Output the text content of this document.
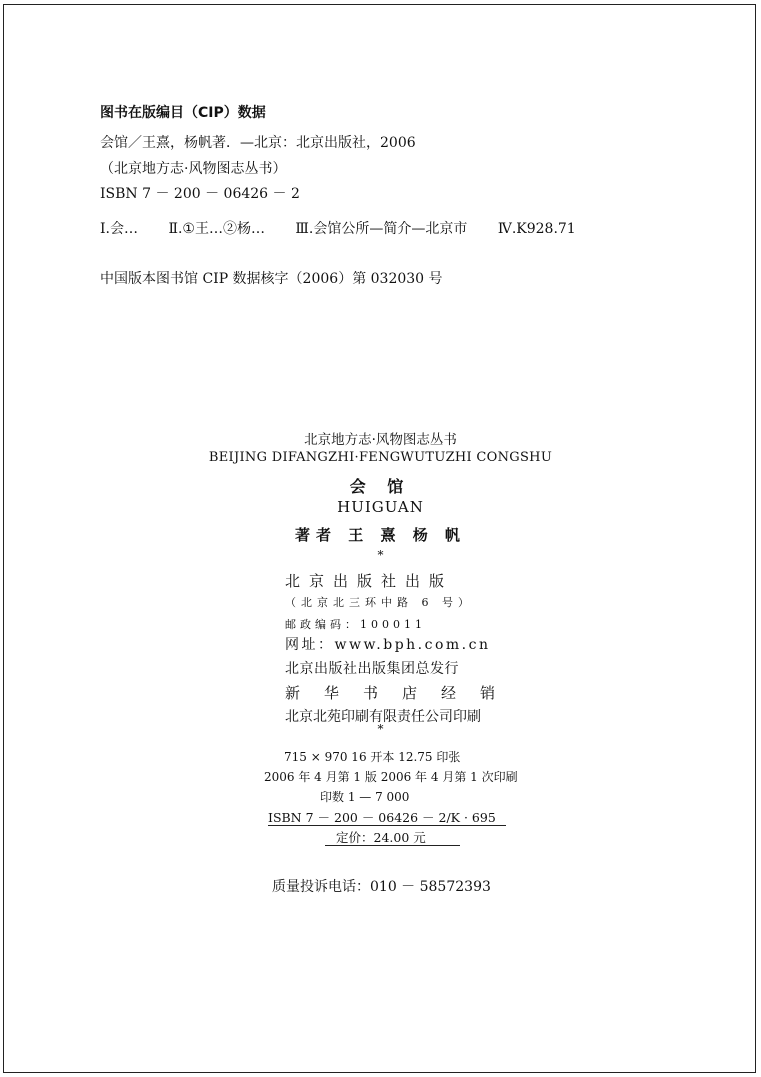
图书在版编目（CIP）数据
会馆／王熹，杨帆著．—北京：北京出版社，2006
（北京地方志·风物图志丛书）
ISBN 7 － 200 － 06426 － 2
Ⅰ.会… Ⅱ.①王…②杨… Ⅲ.会馆公所—简介—北京市 Ⅳ.K928.71
中国版本图书馆 CIP 数据核字（2006）第 032030 号
北京地方志·风物图志丛书
BEIJING DIFANGZHI·FENGWUTUZHI CONGSHU
会 馆
HUIGUAN
著者 王 熹 杨 帆
*
北京出版社出版
（北京北三环中路 6 号）
邮政编码：100011
网址：www.bph.com.cn
北京出版社出版集团总发行
新华书店经销
北京北苑印刷有限责任公司印刷
*
715 × 970 16 开本 12.75 印张
2006 年 4 月第 1 版 2006 年 4 月第 1 次印刷
印数 1 — 7 000
ISBN 7 － 200 － 06426 － 2/K · 695
定价：24.00 元
质量投诉电话：010 － 58572393
